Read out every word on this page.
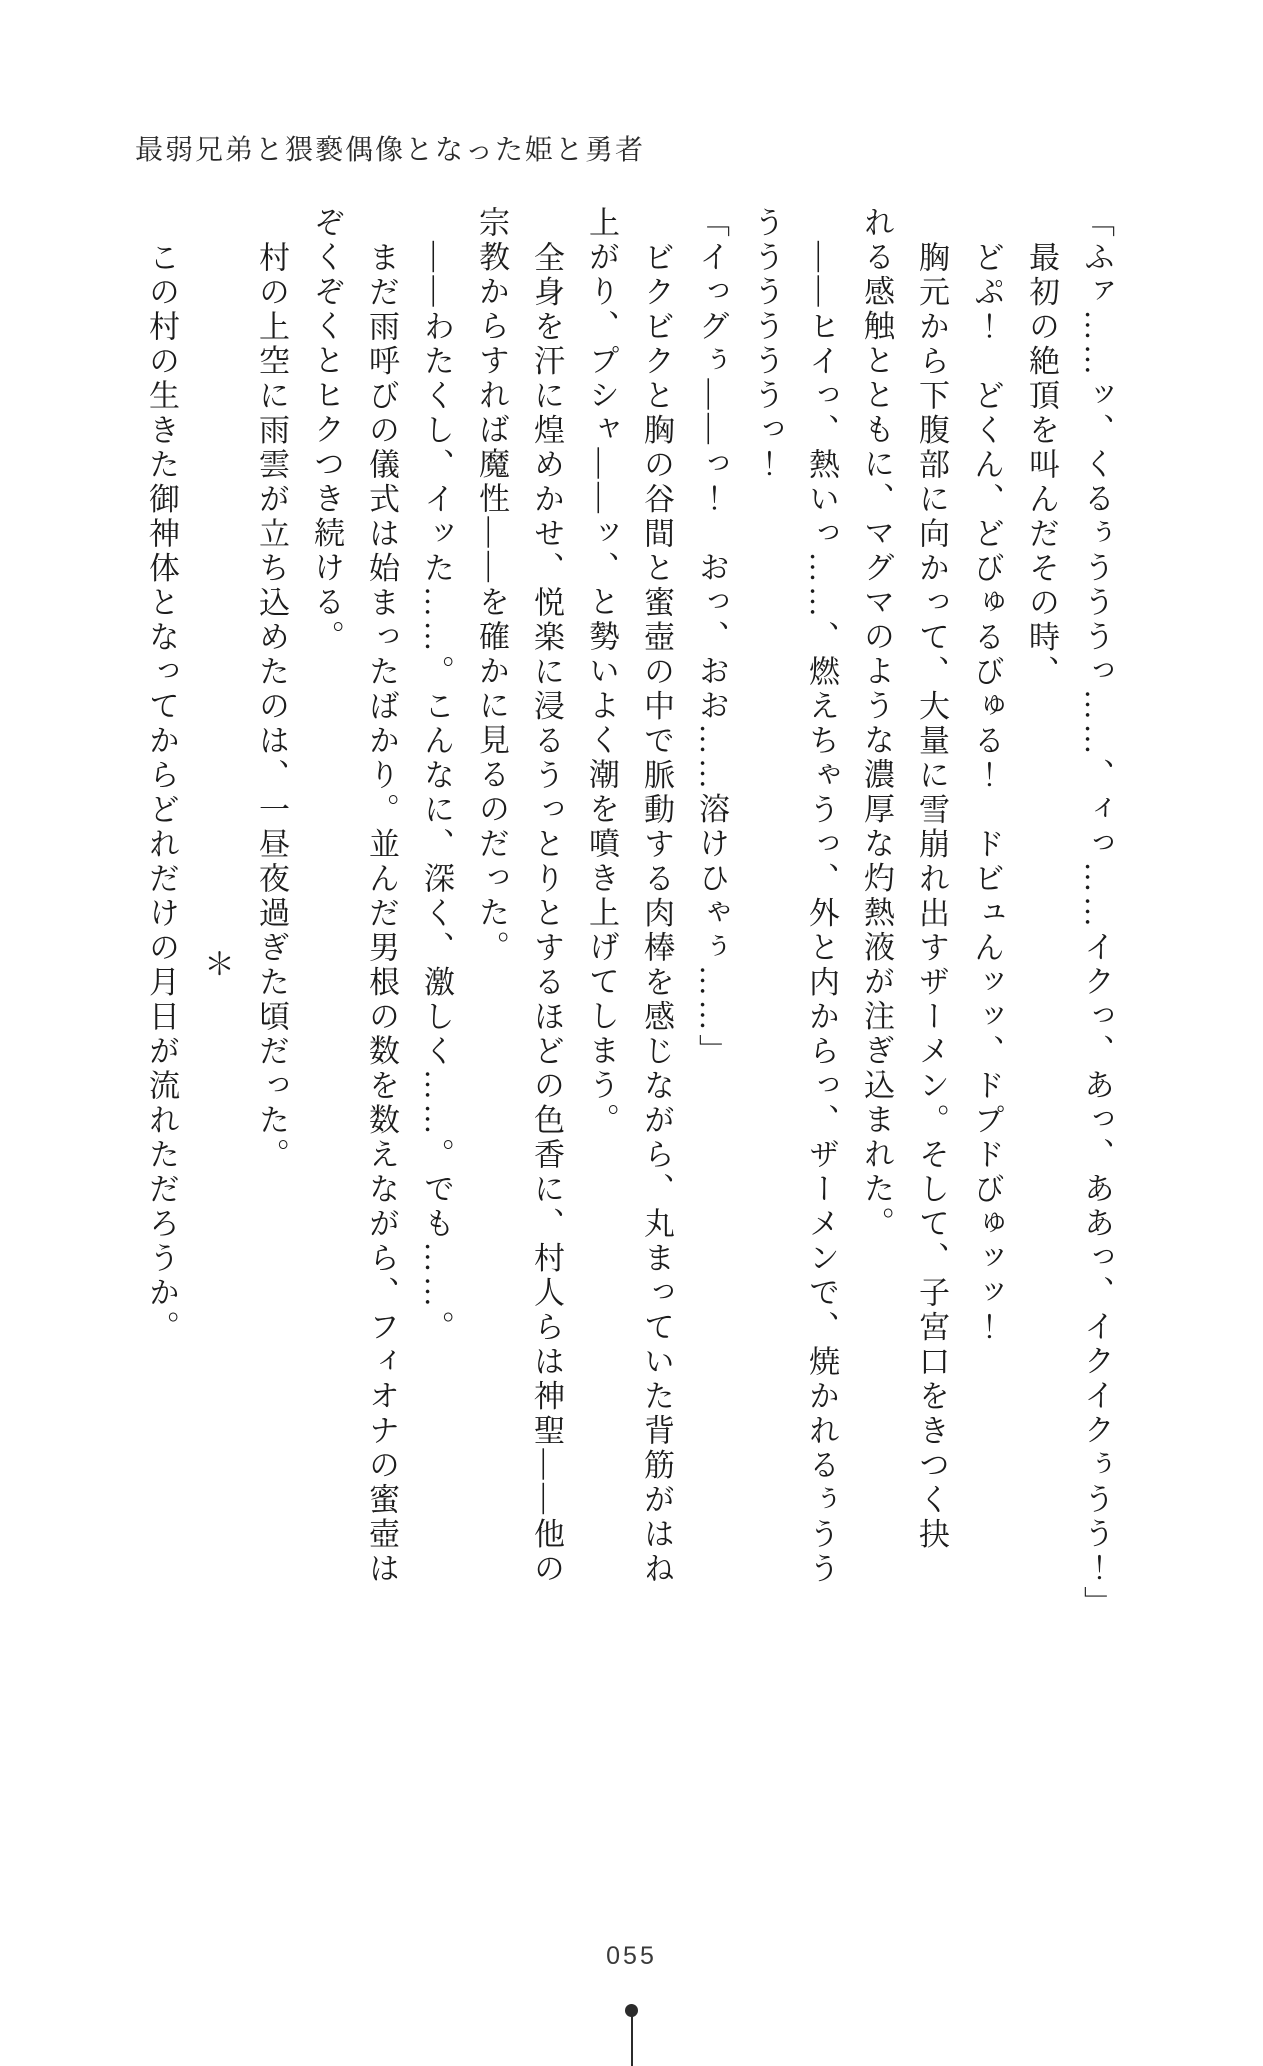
最弱兄弟と猥褻偶像となった姫と勇者

「ふァ……ッ、くるぅうううっ……、ィっ……イクっ、あっ、ああっ、イクイクぅうう！」

最初の絶頂を叫んだその時、

どぷ！　どくん、どびゅるびゅる！　ドビュんッッ、ドプドびゅッッ！

胸元から下腹部に向かって、大量に雪崩れ出すザーメン。そして、子宮口をきつく抉

れる感触とともに、マグマのような濃厚な灼熱液が注ぎ込まれた。

——ヒイっ、熱いっ……、燃えちゃうっ、外と内からっ、ザーメンで、焼かれるぅうう

ううううううっ！

「イっグぅ——っ！　おっ、おお……溶けひゃぅ……」

ビクビクと胸の谷間と蜜壺の中で脈動する肉棒を感じながら、丸まっていた背筋がはね

上がり、プシャ——ッ、と勢いよく潮を噴き上げてしまう。

全身を汗に煌めかせ、悦楽に浸るうっとりとするほどの色香に、村人らは神聖——他の

宗教からすれば魔性——を確かに見るのだった。

——わたくし、イッた……。こんなに、深く、激しく……。でも……。

まだ雨呼びの儀式は始まったばかり。並んだ男根の数を数えながら、フィオナの蜜壺は

ぞくぞくとヒクつき続ける。

村の上空に雨雲が立ち込めたのは、一昼夜過ぎた頃だった。

＊

この村の生きた御神体となってからどれだけの月日が流れただろうか。

055
